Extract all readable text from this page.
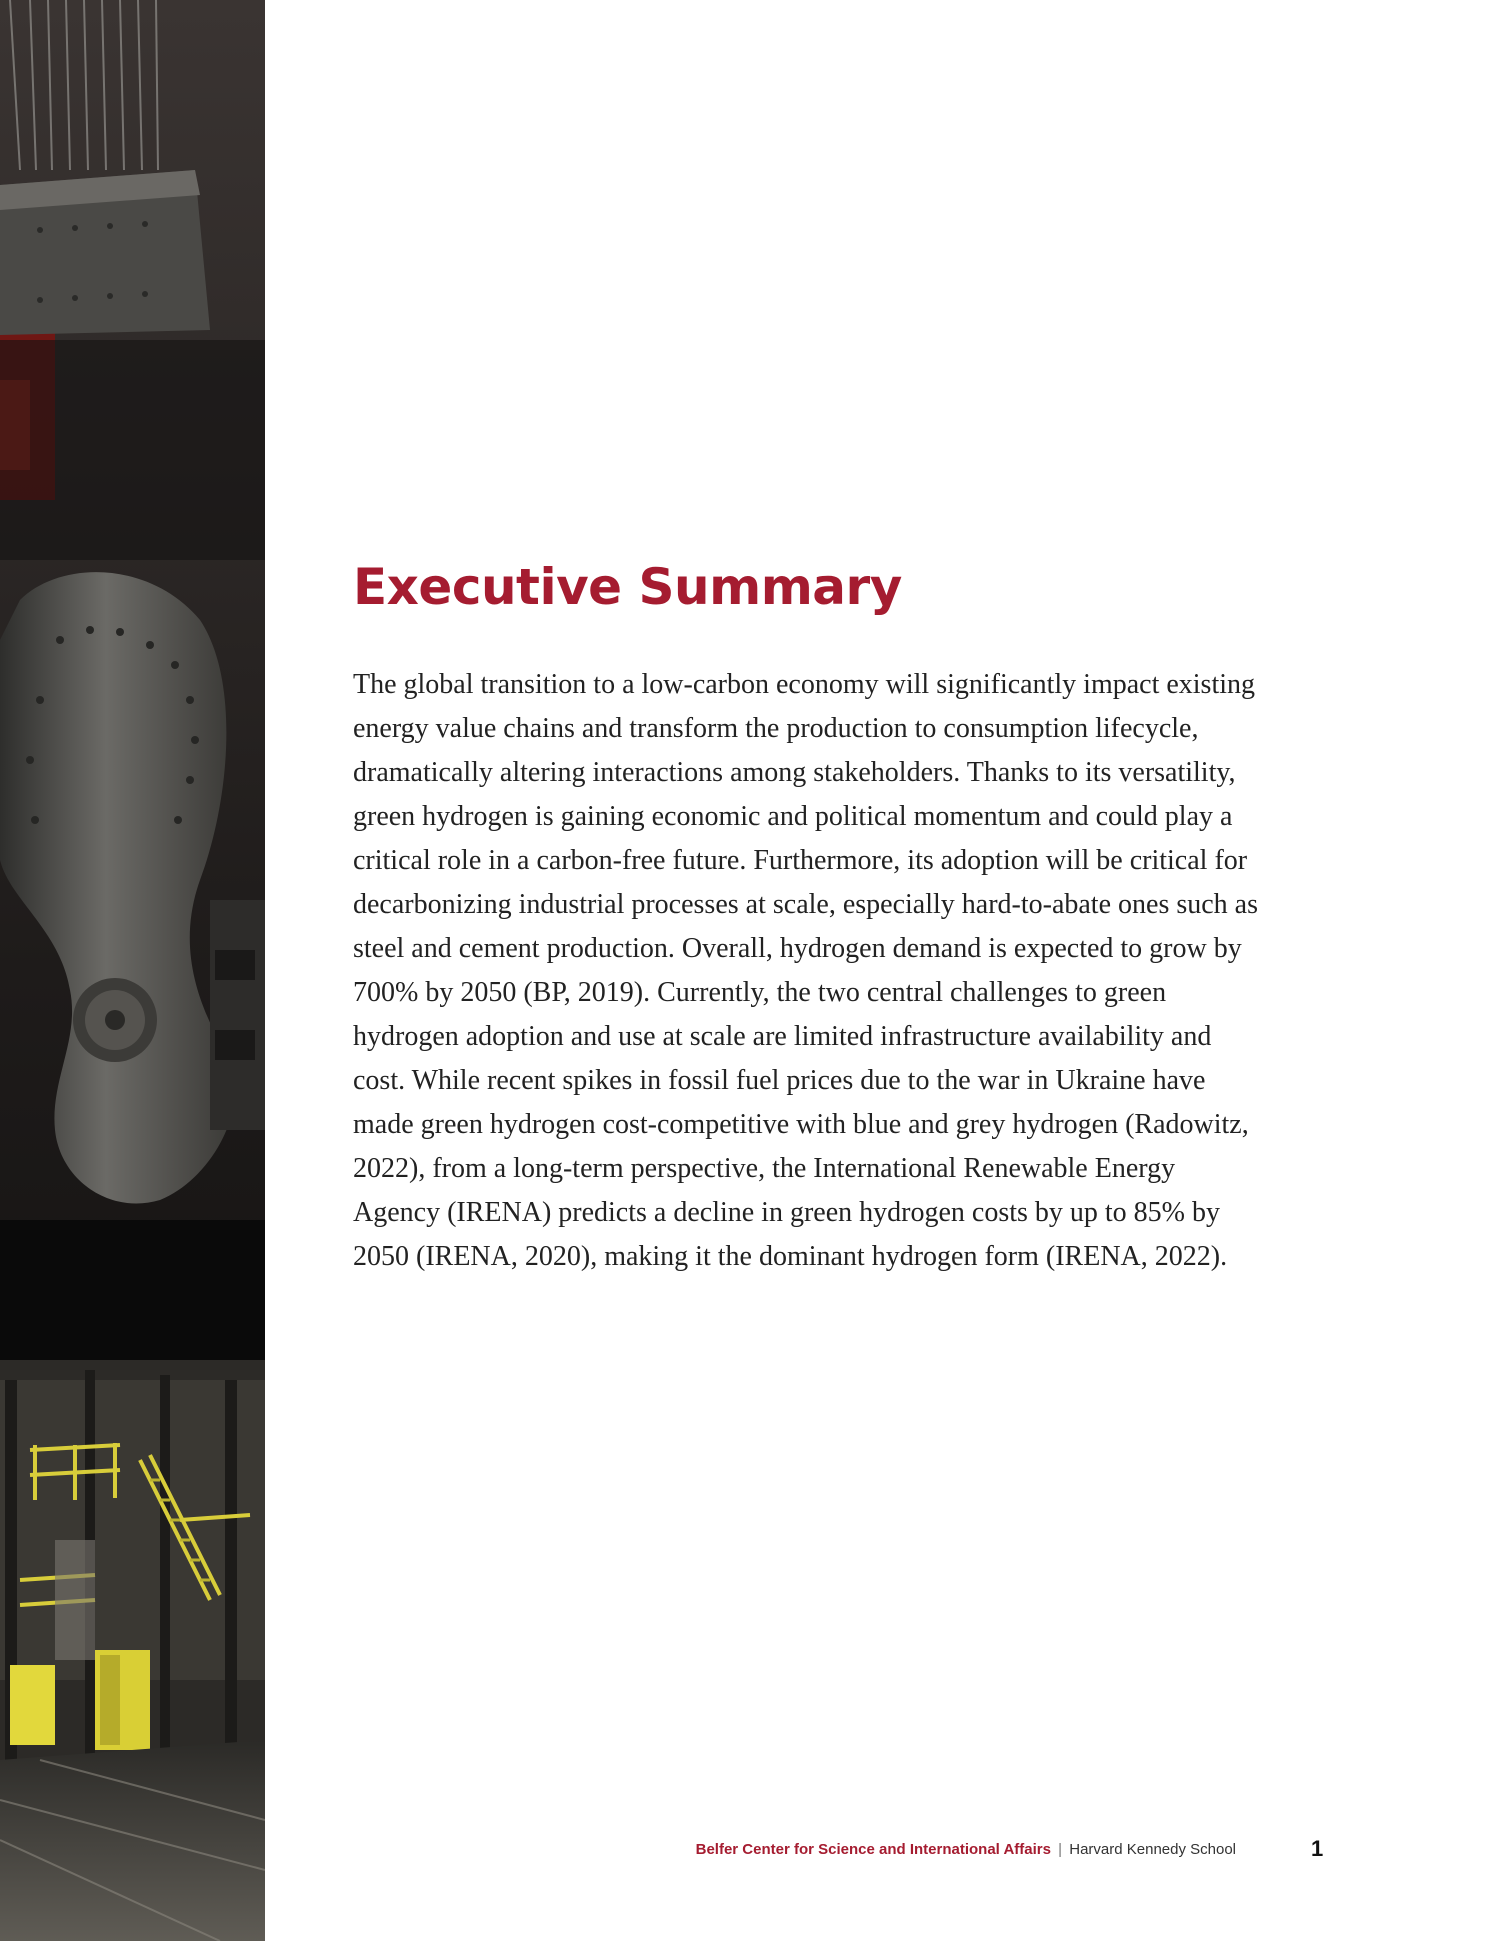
Executive Summary

The global transition to a low-carbon economy will significantly impact existing energy value chains and transform the production to consumption lifecycle, dramatically altering interactions among stakeholders. Thanks to its versatility, green hydrogen is gaining economic and political momentum and could play a critical role in a carbon-free future. Furthermore, its adoption will be critical for decarbonizing industrial processes at scale, especially hard-to-abate ones such as steel and cement production. Overall, hydrogen demand is expected to grow by 700% by 2050 (BP, 2019). Currently, the two central challenges to green hydrogen adoption and use at scale are limited infrastructure availability and cost. While recent spikes in fossil fuel prices due to the war in Ukraine have made green hydrogen cost-competitive with blue and grey hydrogen (Radowitz, 2022), from a long-term perspective, the International Renewable Energy Agency (IRENA) predicts a decline in green hydrogen costs by up to 85% by 2050 (IRENA, 2020), making it the dominant hydrogen form (IRENA, 2022).

Belfer Center for Science and International Affairs | Harvard Kennedy School	1
